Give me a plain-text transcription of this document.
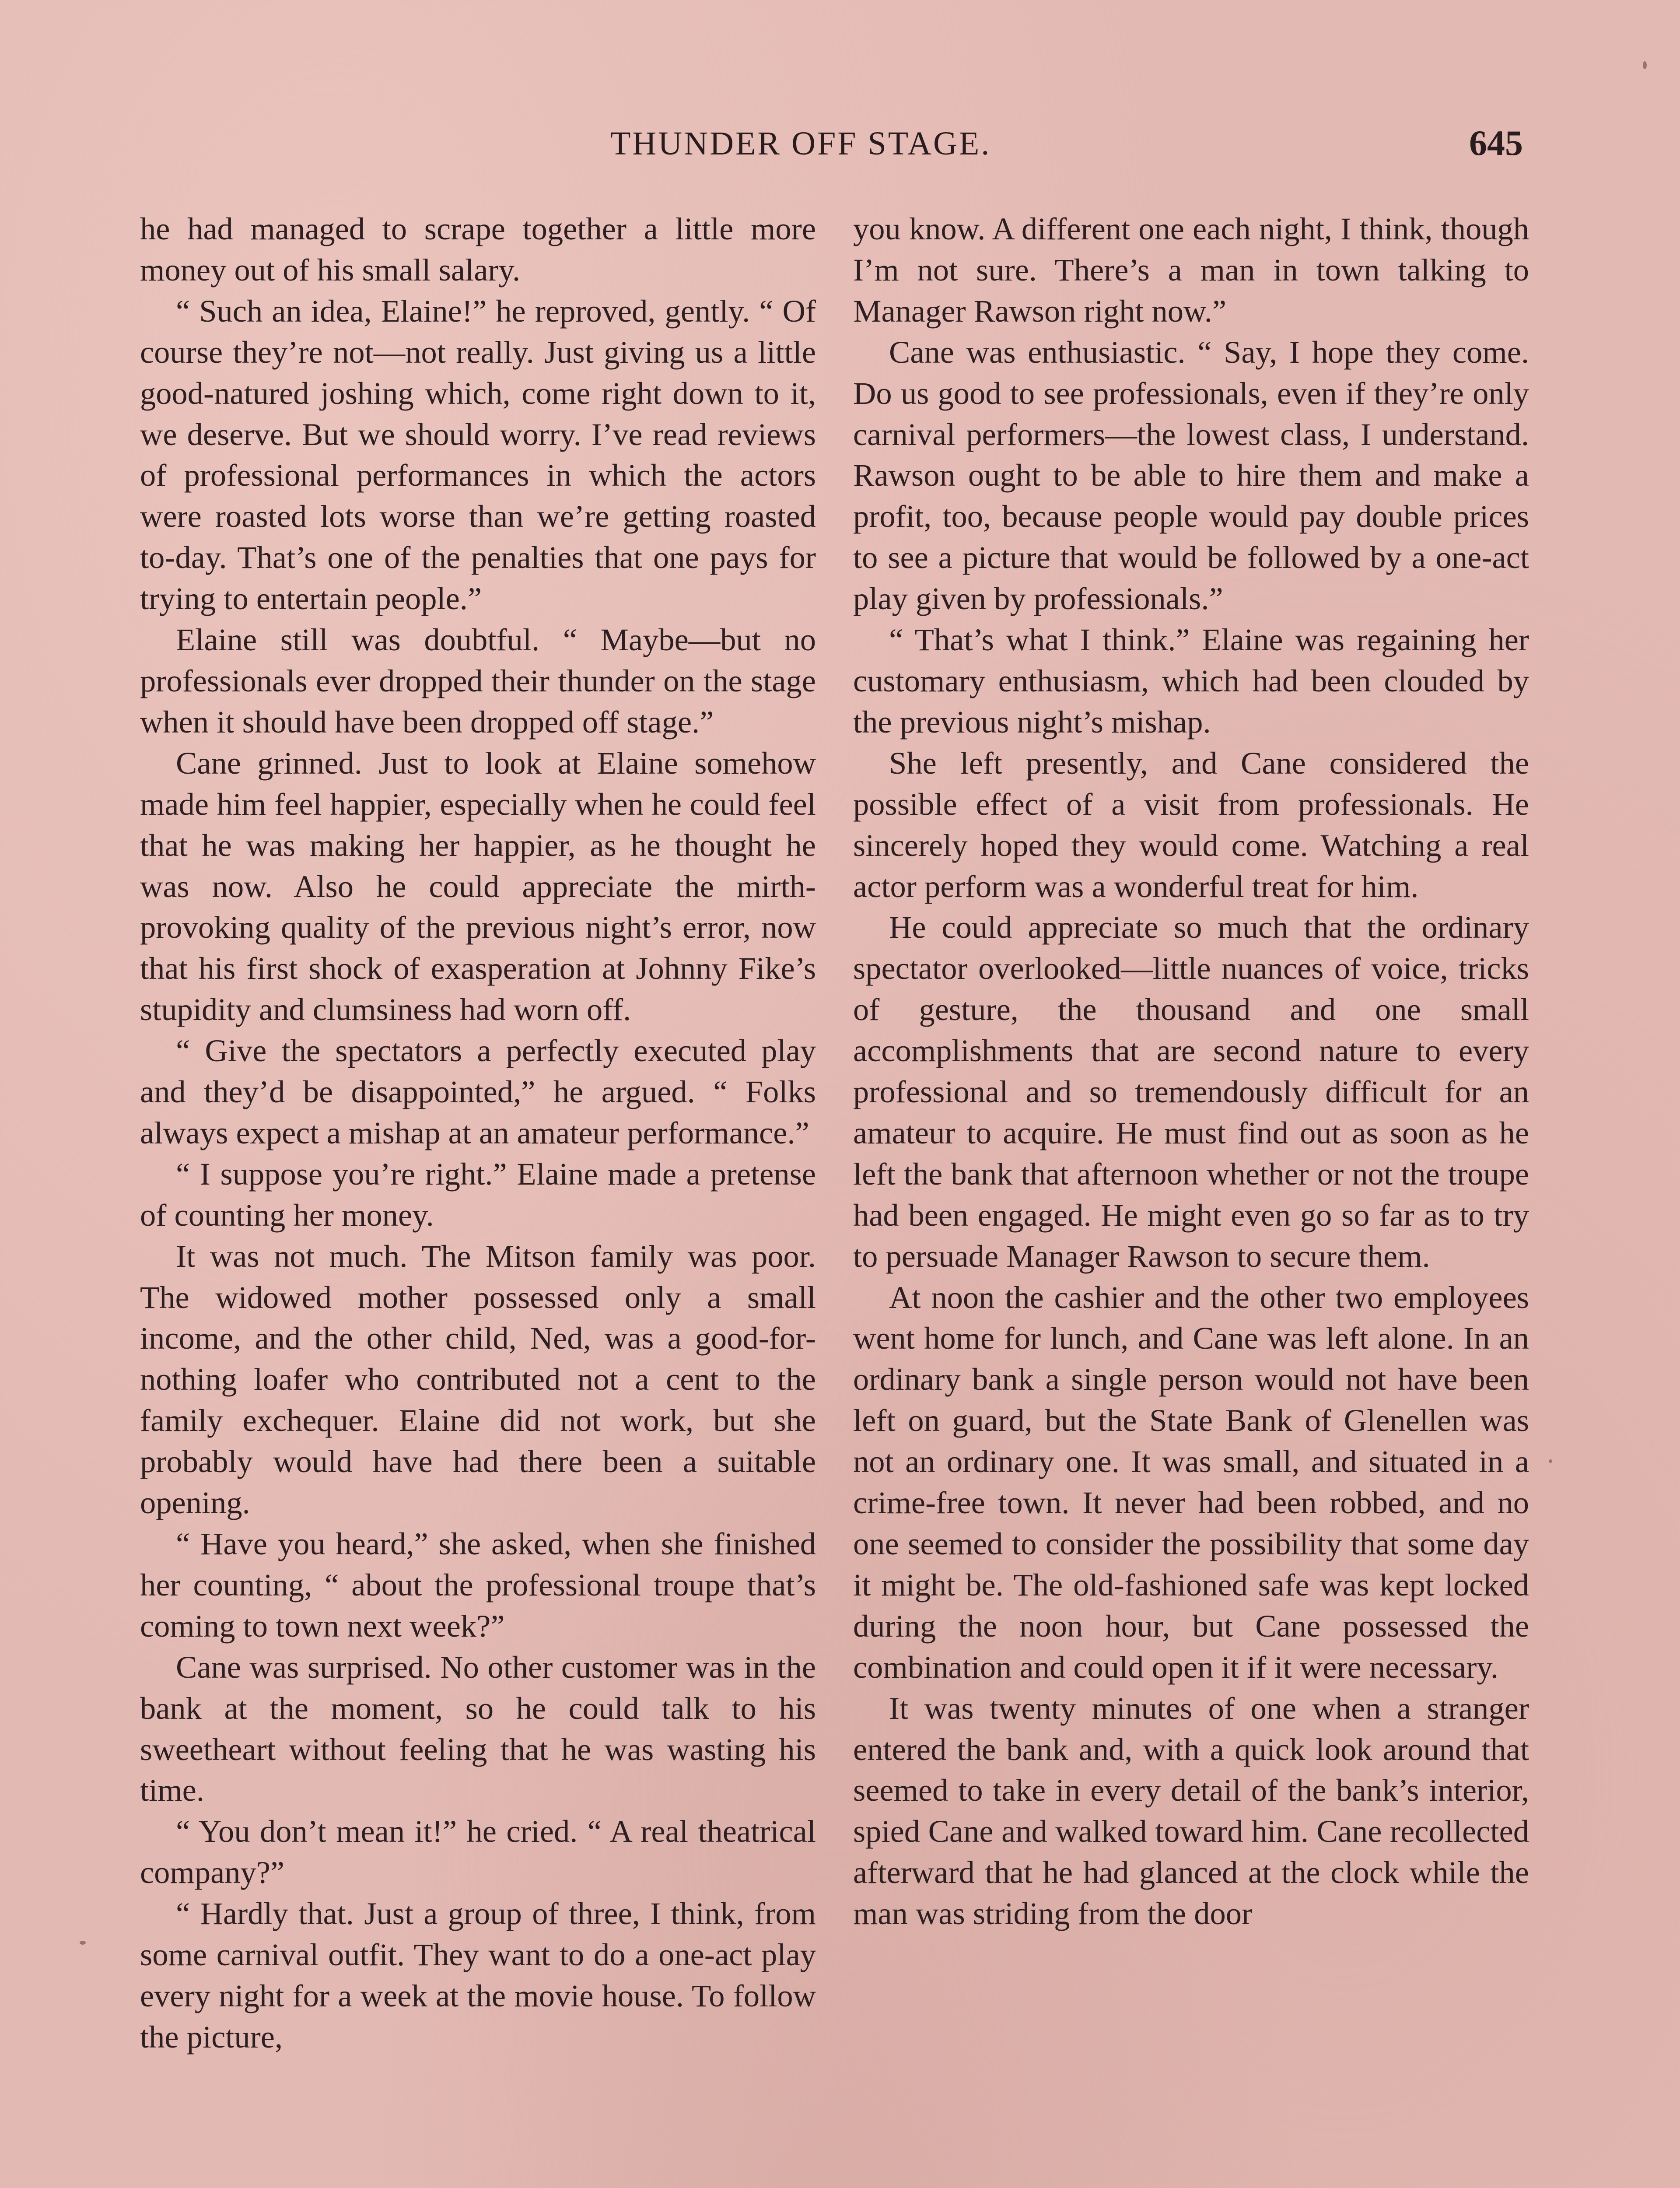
THUNDER OFF STAGE.	645

he had managed to scrape together a little more money out of his small salary.

“ Such an idea, Elaine!” he reproved, gently. “ Of course they’re not—not really. Just giving us a little good-natured joshing which, come right down to it, we deserve. But we should worry. I’ve read reviews of professional performances in which the actors were roasted lots worse than we’re getting roasted to-day. That’s one of the penalties that one pays for trying to entertain people.”

Elaine still was doubtful. “ Maybe—but no professionals ever dropped their thunder on the stage when it should have been dropped off stage.”

Cane grinned. Just to look at Elaine somehow made him feel happier, especially when he could feel that he was making her happier, as he thought he was now. Also he could appreciate the mirth-provoking quality of the previous night’s error, now that his first shock of exasperation at Johnny Fike’s stupidity and clumsiness had worn off.

“ Give the spectators a perfectly executed play and they’d be disappointed,” he argued. “ Folks always expect a mishap at an amateur performance.”

“ I suppose you’re right.” Elaine made a pretense of counting her money.

It was not much. The Mitson family was poor. The widowed mother possessed only a small income, and the other child, Ned, was a good-for-nothing loafer who contributed not a cent to the family exchequer. Elaine did not work, but she probably would have had there been a suitable opening.

“ Have you heard,” she asked, when she finished her counting, “ about the professional troupe that’s coming to town next week?”

Cane was surprised. No other customer was in the bank at the moment, so he could talk to his sweetheart without feeling that he was wasting his time.

“ You don’t mean it!” he cried. “ A real theatrical company?”

“ Hardly that. Just a group of three, I think, from some carnival outfit. They want to do a one-act play every night for a week at the movie house. To follow the picture,

you know. A different one each night, I think, though I’m not sure. There’s a man in town talking to Manager Rawson right now.”

Cane was enthusiastic. “ Say, I hope they come. Do us good to see professionals, even if they’re only carnival performers—the lowest class, I understand. Rawson ought to be able to hire them and make a profit, too, because people would pay double prices to see a picture that would be followed by a one-act play given by professionals.”

“ That’s what I think.” Elaine was regaining her customary enthusiasm, which had been clouded by the previous night’s mishap.

She left presently, and Cane considered the possible effect of a visit from professionals. He sincerely hoped they would come. Watching a real actor perform was a wonderful treat for him.

He could appreciate so much that the ordinary spectator overlooked—little nuances of voice, tricks of gesture, the thousand and one small accomplishments that are second nature to every professional and so tremendously difficult for an amateur to acquire. He must find out as soon as he left the bank that afternoon whether or not the troupe had been engaged. He might even go so far as to try to persuade Manager Rawson to secure them.

At noon the cashier and the other two employees went home for lunch, and Cane was left alone. In an ordinary bank a single person would not have been left on guard, but the State Bank of Glenellen was not an ordinary one. It was small, and situated in a crime-free town. It never had been robbed, and no one seemed to consider the possibility that some day it might be. The old-fashioned safe was kept locked during the noon hour, but Cane possessed the combination and could open it if it were necessary.

It was twenty minutes of one when a stranger entered the bank and, with a quick look around that seemed to take in every detail of the bank’s interior, spied Cane and walked toward him. Cane recollected afterward that he had glanced at the clock while the man was striding from the door
